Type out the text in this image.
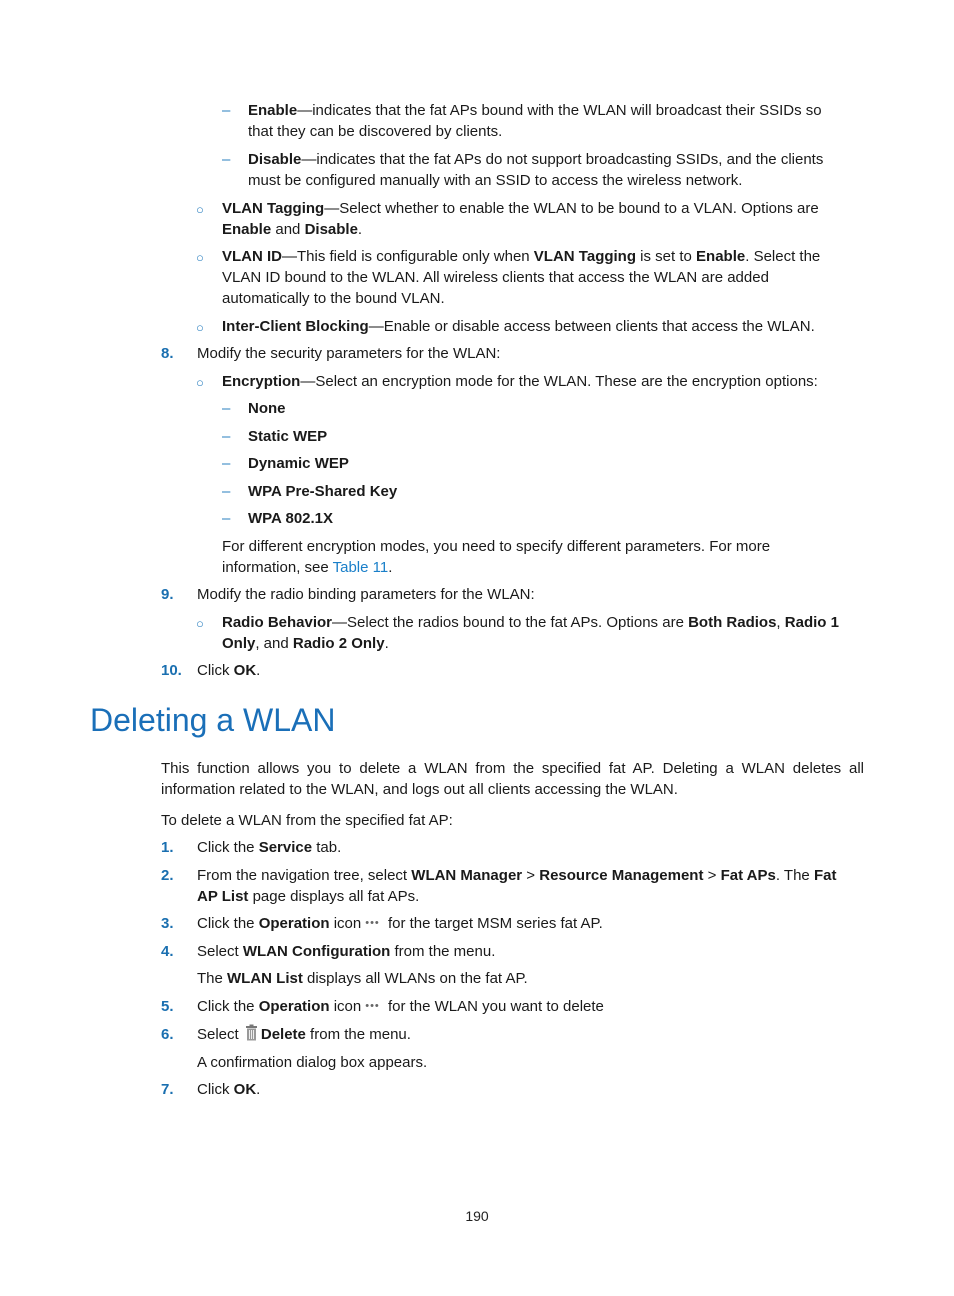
– Enable—indicates that the fat APs bound with the WLAN will broadcast their SSIDs so
that they can be discovered by clients.
– Disable—indicates that the fat APs do not support broadcasting SSIDs, and the clients
must be configured manually with an SSID to access the wireless network.
○ VLAN Tagging—Select whether to enable the WLAN to be bound to a VLAN. Options are
Enable and Disable.
○ VLAN ID—This field is configurable only when VLAN Tagging is set to Enable. Select the
VLAN ID bound to the WLAN. All wireless clients that access the WLAN are added
automatically to the bound VLAN.
○ Inter-Client Blocking—Enable or disable access between clients that access the WLAN.
8. Modify the security parameters for the WLAN:
○ Encryption—Select an encryption mode for the WLAN. These are the encryption options:
– None
– Static WEP
– Dynamic WEP
– WPA Pre-Shared Key
– WPA 802.1X
For different encryption modes, you need to specify different parameters. For more
information, see Table 11.
9. Modify the radio binding parameters for the WLAN:
○ Radio Behavior—Select the radios bound to the fat APs. Options are Both Radios, Radio 1
Only, and Radio 2 Only.
10. Click OK.
Deleting a WLAN
This function allows you to delete a WLAN from the specified fat AP. Deleting a WLAN deletes all
information related to the WLAN, and logs out all clients accessing the WLAN.
To delete a WLAN from the specified fat AP:
1. Click the Service tab.
2. From the navigation tree, select WLAN Manager > Resource Management > Fat APs. The Fat
AP List page displays all fat APs.
3. Click the Operation icon ••• for the target MSM series fat AP.
4. Select WLAN Configuration from the menu.
The WLAN List displays all WLANs on the fat AP.
5. Click the Operation icon ••• for the WLAN you want to delete
6. Select Delete from the menu.
A confirmation dialog box appears.
7. Click OK.
190
